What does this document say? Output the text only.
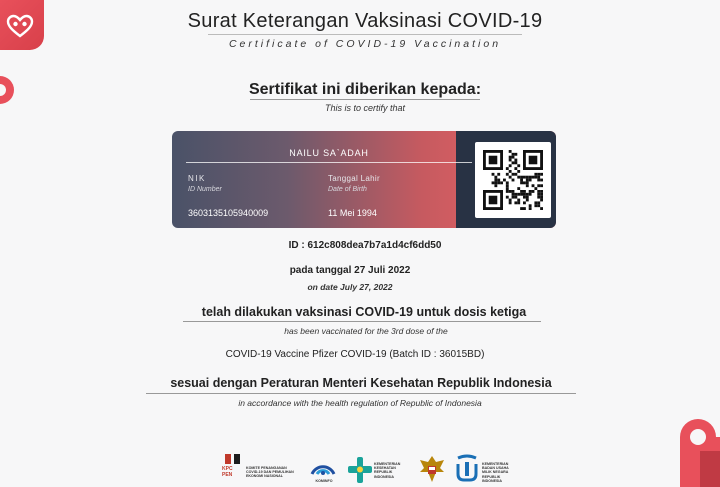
Surat Keterangan Vaksinasi COVID-19
Certificate of COVID-19 Vaccination
Sertifikat ini diberikan kepada:
This is to certify that
NAILU SA`ADAH
NIK
ID Number
3603135105940009
Tanggal Lahir
Date of Birth
11 Mei 1994
ID : 612c808dea7b7a1d4cf6dd50
pada tanggal 27 Juli 2022
on date July 27, 2022
telah dilakukan vaksinasi COVID-19 untuk dosis ketiga
has been vaccinated for the 3rd dose of the
COVID-19 Vaccine Pfizer COVID-19 (Batch ID : 36015BD)
sesuai dengan Peraturan Menteri Kesehatan Republik Indonesia
in accordance with the health regulation of Republic of Indonesia
KPC PEN
KOMITE PENANGANAN COVID-19 DAN PEMULIHAN EKONOMI NASIONAL
KOMINFO
KEMENTERIAN KESEHATAN REPUBLIK INDONESIA
KEMENTERIAN BADAN USAHA MILIK NEGARA REPUBLIK INDONESIA
